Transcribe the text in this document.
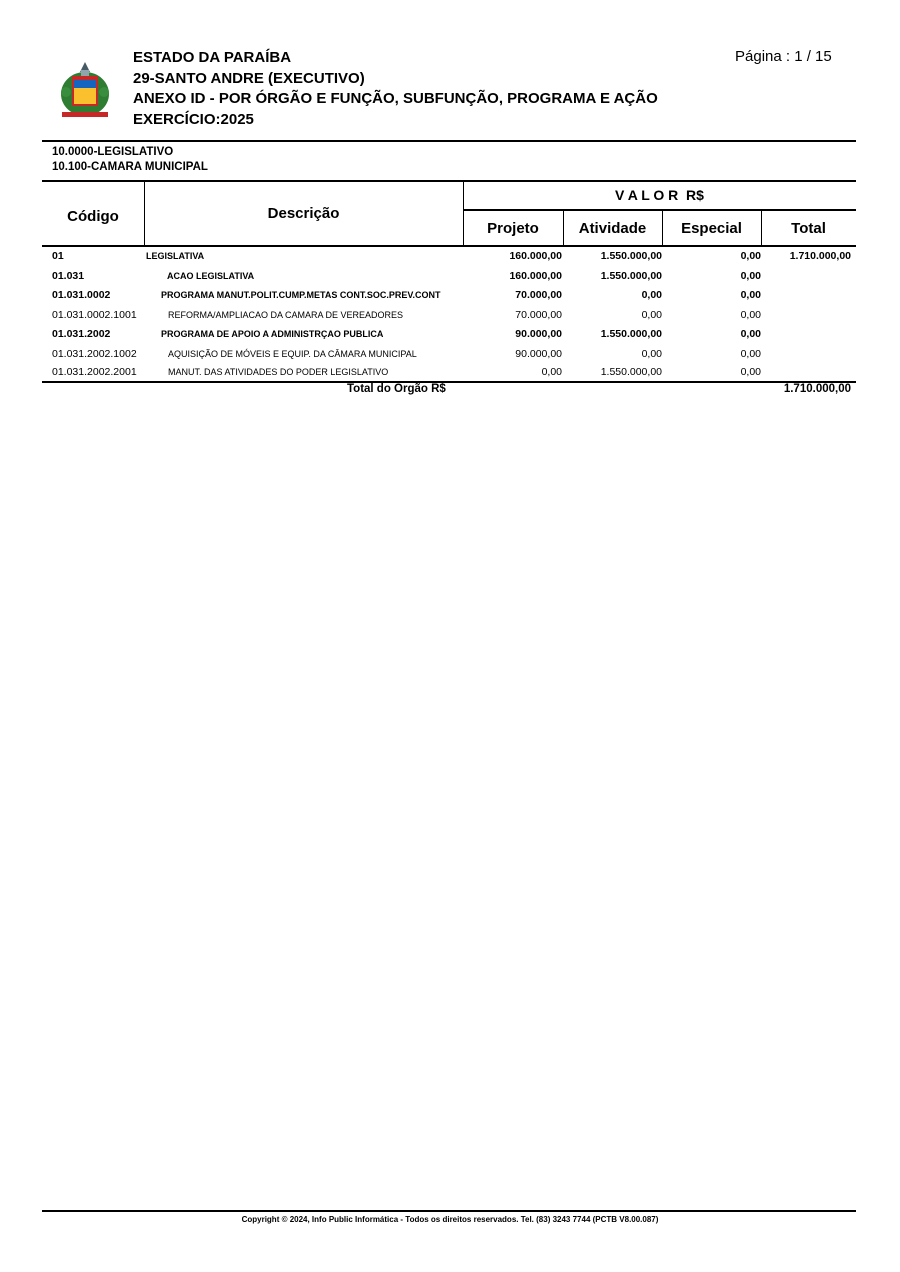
ESTADO DA PARAÍBA
29-SANTO ANDRE (EXECUTIVO)
ANEXO ID - POR ÓRGÃO E FUNÇÃO, SUBFUNÇÃO, PROGRAMA E AÇÃO
EXERCÍCIO:2025
Página : 1 / 15
10.0000-LEGISLATIVO
10.100-CAMARA MUNICIPAL
Código	Descrição
V A L O R  R$
Projeto	Atividade	Especial	Total
01	LEGISLATIVA	160.000,00	1.550.000,00	0,00	1.710.000,00
01.031	ACAO LEGISLATIVA	160.000,00	1.550.000,00	0,00
01.031.0002	PROGRAMA MANUT.POLIT.CUMP.METAS CONT.SOC.PREV.CONT	70.000,00	0,00	0,00
01.031.0002.1001	REFORMA/AMPLIACAO DA CAMARA DE VEREADORES	70.000,00	0,00	0,00
01.031.2002	PROGRAMA DE APOIO A ADMINISTRÇAO PUBLICA	90.000,00	1.550.000,00	0,00
01.031.2002.1002	AQUISIÇÃO DE MÓVEIS E EQUIP. DA CÂMARA MUNICIPAL	90.000,00	0,00	0,00
01.031.2002.2001	MANUT. DAS ATIVIDADES DO PODER LEGISLATIVO	0,00	1.550.000,00	0,00
Total do Órgão R$	1.710.000,00
Copyright © 2024, Info Public Informática - Todos os direitos reservados. Tel. (83) 3243 7744 (PCTB V8.00.087)
